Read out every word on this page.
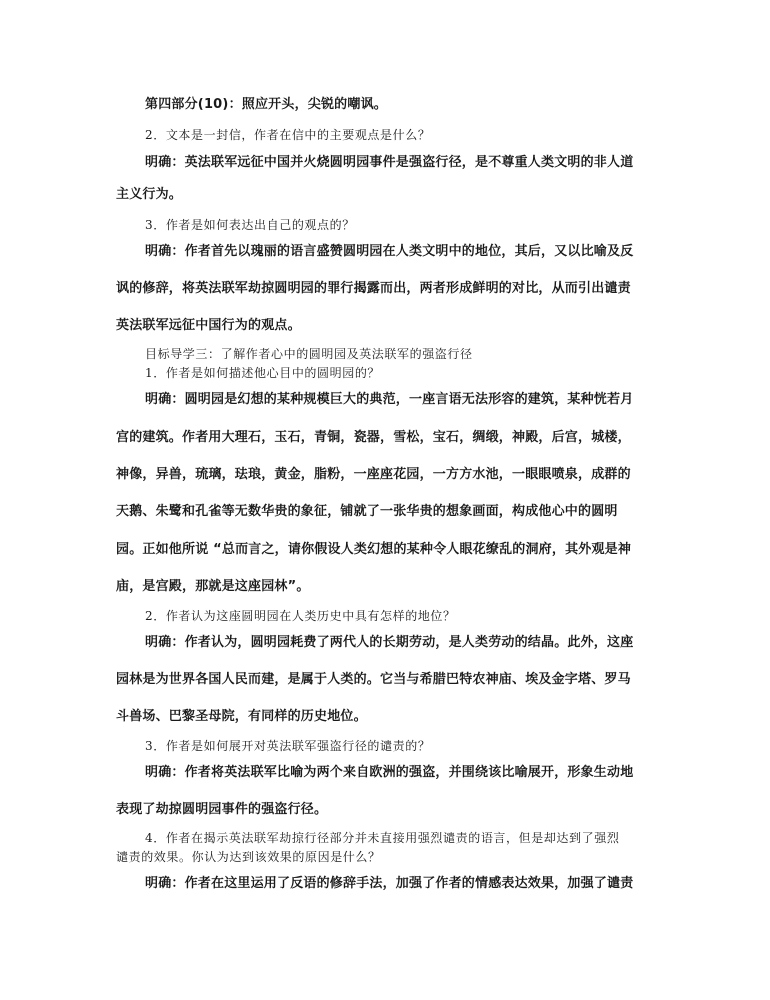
第四部分(10)：照应开头，尖锐的嘲讽。
2．文本是一封信，作者在信中的主要观点是什么？
明确：英法联军远征中国并火烧圆明园事件是强盗行径，是不尊重人类文明的非人道
主义行为。
3．作者是如何表达出自己的观点的？
明确：作者首先以瑰丽的语言盛赞圆明园在人类文明中的地位，其后，又以比喻及反
讽的修辞，将英法联军劫掠圆明园的罪行揭露而出，两者形成鲜明的对比，从而引出谴责
英法联军远征中国行为的观点。
目标导学三：了解作者心中的圆明园及英法联军的强盗行径
1．作者是如何描述他心目中的圆明园的？
明确：圆明园是幻想的某种规模巨大的典范，一座言语无法形容的建筑，某种恍若月
宫的建筑。作者用大理石，玉石，青铜，瓷器，雪松，宝石，绸缎，神殿，后宫，城楼，
神像，异兽，琉璃，珐琅，黄金，脂粉，一座座花园，一方方水池，一眼眼喷泉，成群的
天鹅、朱鹭和孔雀等无数华贵的象征，铺就了一张华贵的想象画面，构成他心中的圆明
园。正如他所说 “总而言之，请你假设人类幻想的某种令人眼花缭乱的洞府，其外观是神
庙，是宫殿，那就是这座园林”。
2．作者认为这座圆明园在人类历史中具有怎样的地位？
明确：作者认为，圆明园耗费了两代人的长期劳动，是人类劳动的结晶。此外，这座
园林是为世界各国人民而建，是属于人类的。它当与希腊巴特农神庙、埃及金字塔、罗马
斗兽场、巴黎圣母院，有同样的历史地位。
3．作者是如何展开对英法联军强盗行径的谴责的？
明确：作者将英法联军比喻为两个来自欧洲的强盗，并围绕该比喻展开，形象生动地
表现了劫掠圆明园事件的强盗行径。
4．作者在揭示英法联军劫掠行径部分并未直接用强烈谴责的语言，但是却达到了强烈
谴责的效果。你认为达到该效果的原因是什么？
明确：作者在这里运用了反语的修辞手法，加强了作者的情感表达效果，加强了谴责
